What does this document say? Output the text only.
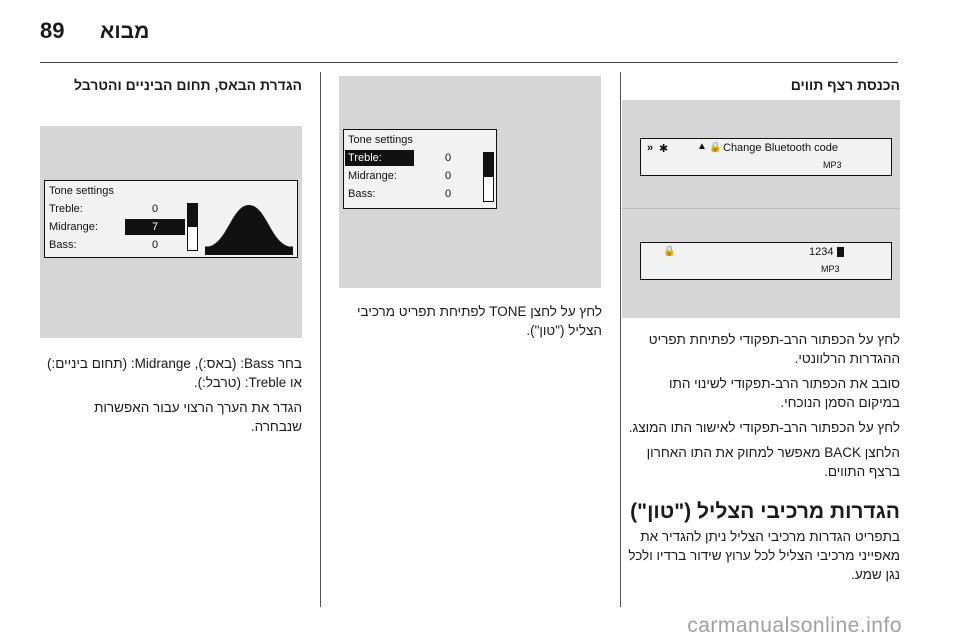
89 מבוא
הכנסת רצף תווים
» ✱	▲ 🔒 Change Bluetooth code
MP3
🔒	1234
MP3

לחץ על הכפתור הרב-תפקודי לפתיחת תפריט ההגדרות הרלוונטי.

סובב את הכפתור הרב-תפקודי לשינוי התו במיקום הסמן הנוכחי.

לחץ על הכפתור הרב-תפקודי לאישור התו המוצג.

הלחצן BACK מאפשר למחוק את התו האחרון ברצף התווים.

הגדרות מרכיבי הצליל ("טון")

בתפריט הגדרות מרכיבי הצליל ניתן להגדיר את מאפייני מרכיבי הצליל לכל ערוץ שידור ברדיו ולכל נגן שמע.

Tone settings
Treble:	0
Midrange:	0
Bass:	0

לחץ על לחצן TONE לפתיחת תפריט מרכיבי הצליל ("טון").

הגדרת הבאס, תחום הביניים והטרבל
Tone settings
Treble:	0
Midrange:	7
Bass:	0

בחר Bass: (באס:), Midrange: (תחום ביניים:) או Treble: (טרבל:).

הגדר את הערך הרצוי עבור האפשרות שנבחרה.

carmanualsonline.info
